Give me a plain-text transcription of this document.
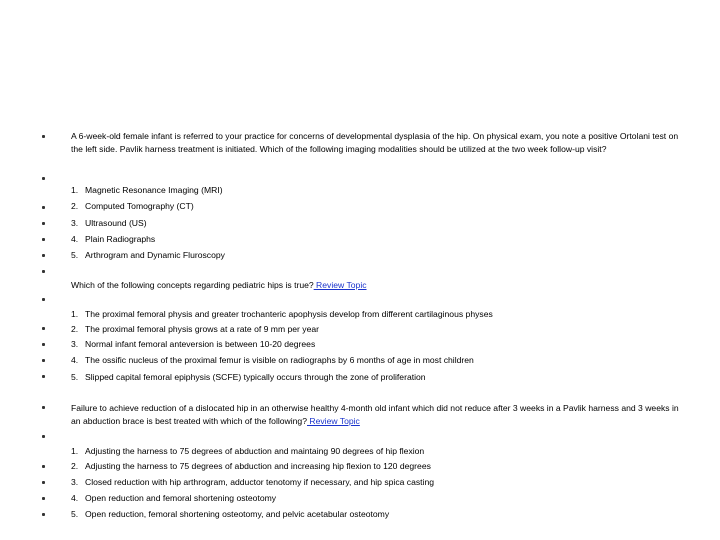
A 6-week-old female infant is referred to your practice for concerns of developmental dysplasia of the hip. On physical exam, you note a positive Ortolani test on the left side. Pavlik harness treatment is initiated. Which of the following imaging modalities should be utilized at the two week follow-up visit?
1. Magnetic Resonance Imaging (MRI)
2. Computed Tomography (CT)
3. Ultrasound (US)
4. Plain Radiographs
5. Arthrogram and Dynamic Fluroscopy
Which of the following concepts regarding pediatric hips is true? Review Topic
1. The proximal femoral physis and greater trochanteric apophysis develop from different cartilaginous physes
2. The proximal femoral physis grows at a rate of 9 mm per year
3. Normal infant femoral anteversion is between 10-20 degrees
4. The ossific nucleus of the proximal femur is visible on radiographs by 6 months of age in most children
5. Slipped capital femoral epiphysis (SCFE) typically occurs through the zone of proliferation
Failure to achieve reduction of a dislocated hip in an otherwise healthy 4-month old infant which did not reduce after 3 weeks in a Pavlik harness and 3 weeks in an abduction brace is best treated with which of the following? Review Topic
1. Adjusting the harness to 75 degrees of abduction and maintaing 90 degrees of hip flexion
2. Adjusting the harness to 75 degrees of abduction and increasing hip flexion to 120 degrees
3. Closed reduction with hip arthrogram, adductor tenotomy if necessary, and hip spica casting
4. Open reduction and femoral shortening osteotomy
5. Open reduction, femoral shortening osteotomy, and pelvic acetabular osteotomy
